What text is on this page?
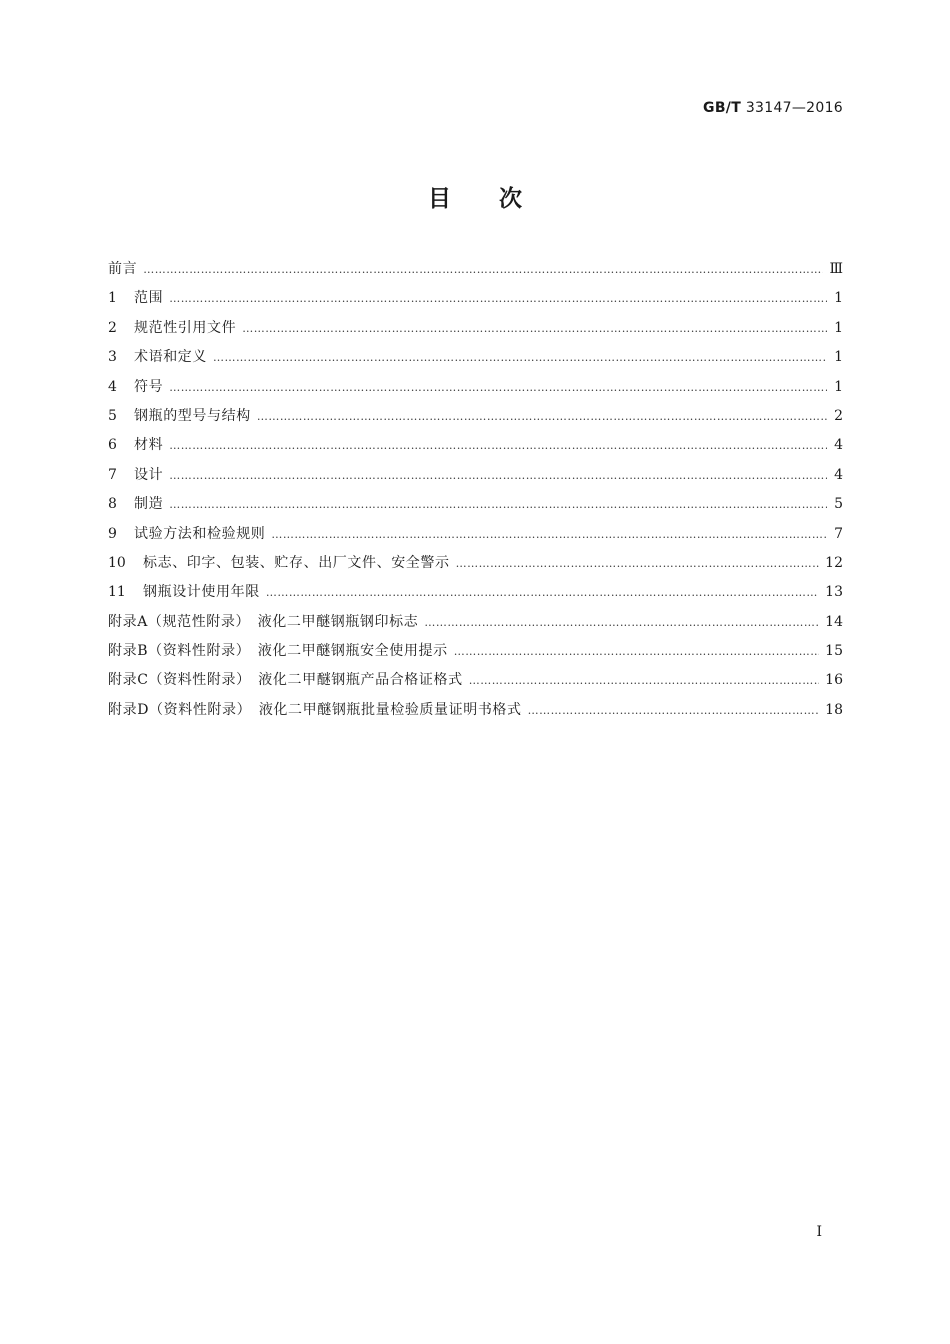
GB/T 33147—2016
目次
前言 ……………………………………………………………………………………………………………………………………………………………………………………………………………………………………	Ⅲ
1	范围 ……………………………………………………………………………………………………………………………………………………………………………………………………………………………………	1
2	规范性引用文件 ……………………………………………………………………………………………………………………………………………………………………………………………………………………………………	1
3	术语和定义 ……………………………………………………………………………………………………………………………………………………………………………………………………………………………………	1
4	符号 ……………………………………………………………………………………………………………………………………………………………………………………………………………………………………	1
5	钢瓶的型号与结构 ……………………………………………………………………………………………………………………………………………………………………………………………………………………………………	2
6	材料 ……………………………………………………………………………………………………………………………………………………………………………………………………………………………………	4
7	设计 ……………………………………………………………………………………………………………………………………………………………………………………………………………………………………	4
8	制造 ……………………………………………………………………………………………………………………………………………………………………………………………………………………………………	5
9	试验方法和检验规则 ……………………………………………………………………………………………………………………………………………………………………………………………………………………………………	7
10	标志、印字、包装、贮存、出厂文件、安全警示 ……………………………………………………………………………………………………………………………………………………………………………………………………………………………………	12
11	钢瓶设计使用年限 ……………………………………………………………………………………………………………………………………………………………………………………………………………………………………	13
附录A（规范性附录）　液化二甲醚钢瓶钢印标志 ……………………………………………………………………………………………………………………………………………………………………………………………………………………………………	14
附录B（资料性附录）　液化二甲醚钢瓶安全使用提示 ……………………………………………………………………………………………………………………………………………………………………………………………………………………………………	15
附录C（资料性附录）　液化二甲醚钢瓶产品合格证格式 ……………………………………………………………………………………………………………………………………………………………………………………………………………………………………	16
附录D（资料性附录）　液化二甲醚钢瓶批量检验质量证明书格式 ……………………………………………………………………………………………………………………………………………………………………………………………………………………………………	18
I
